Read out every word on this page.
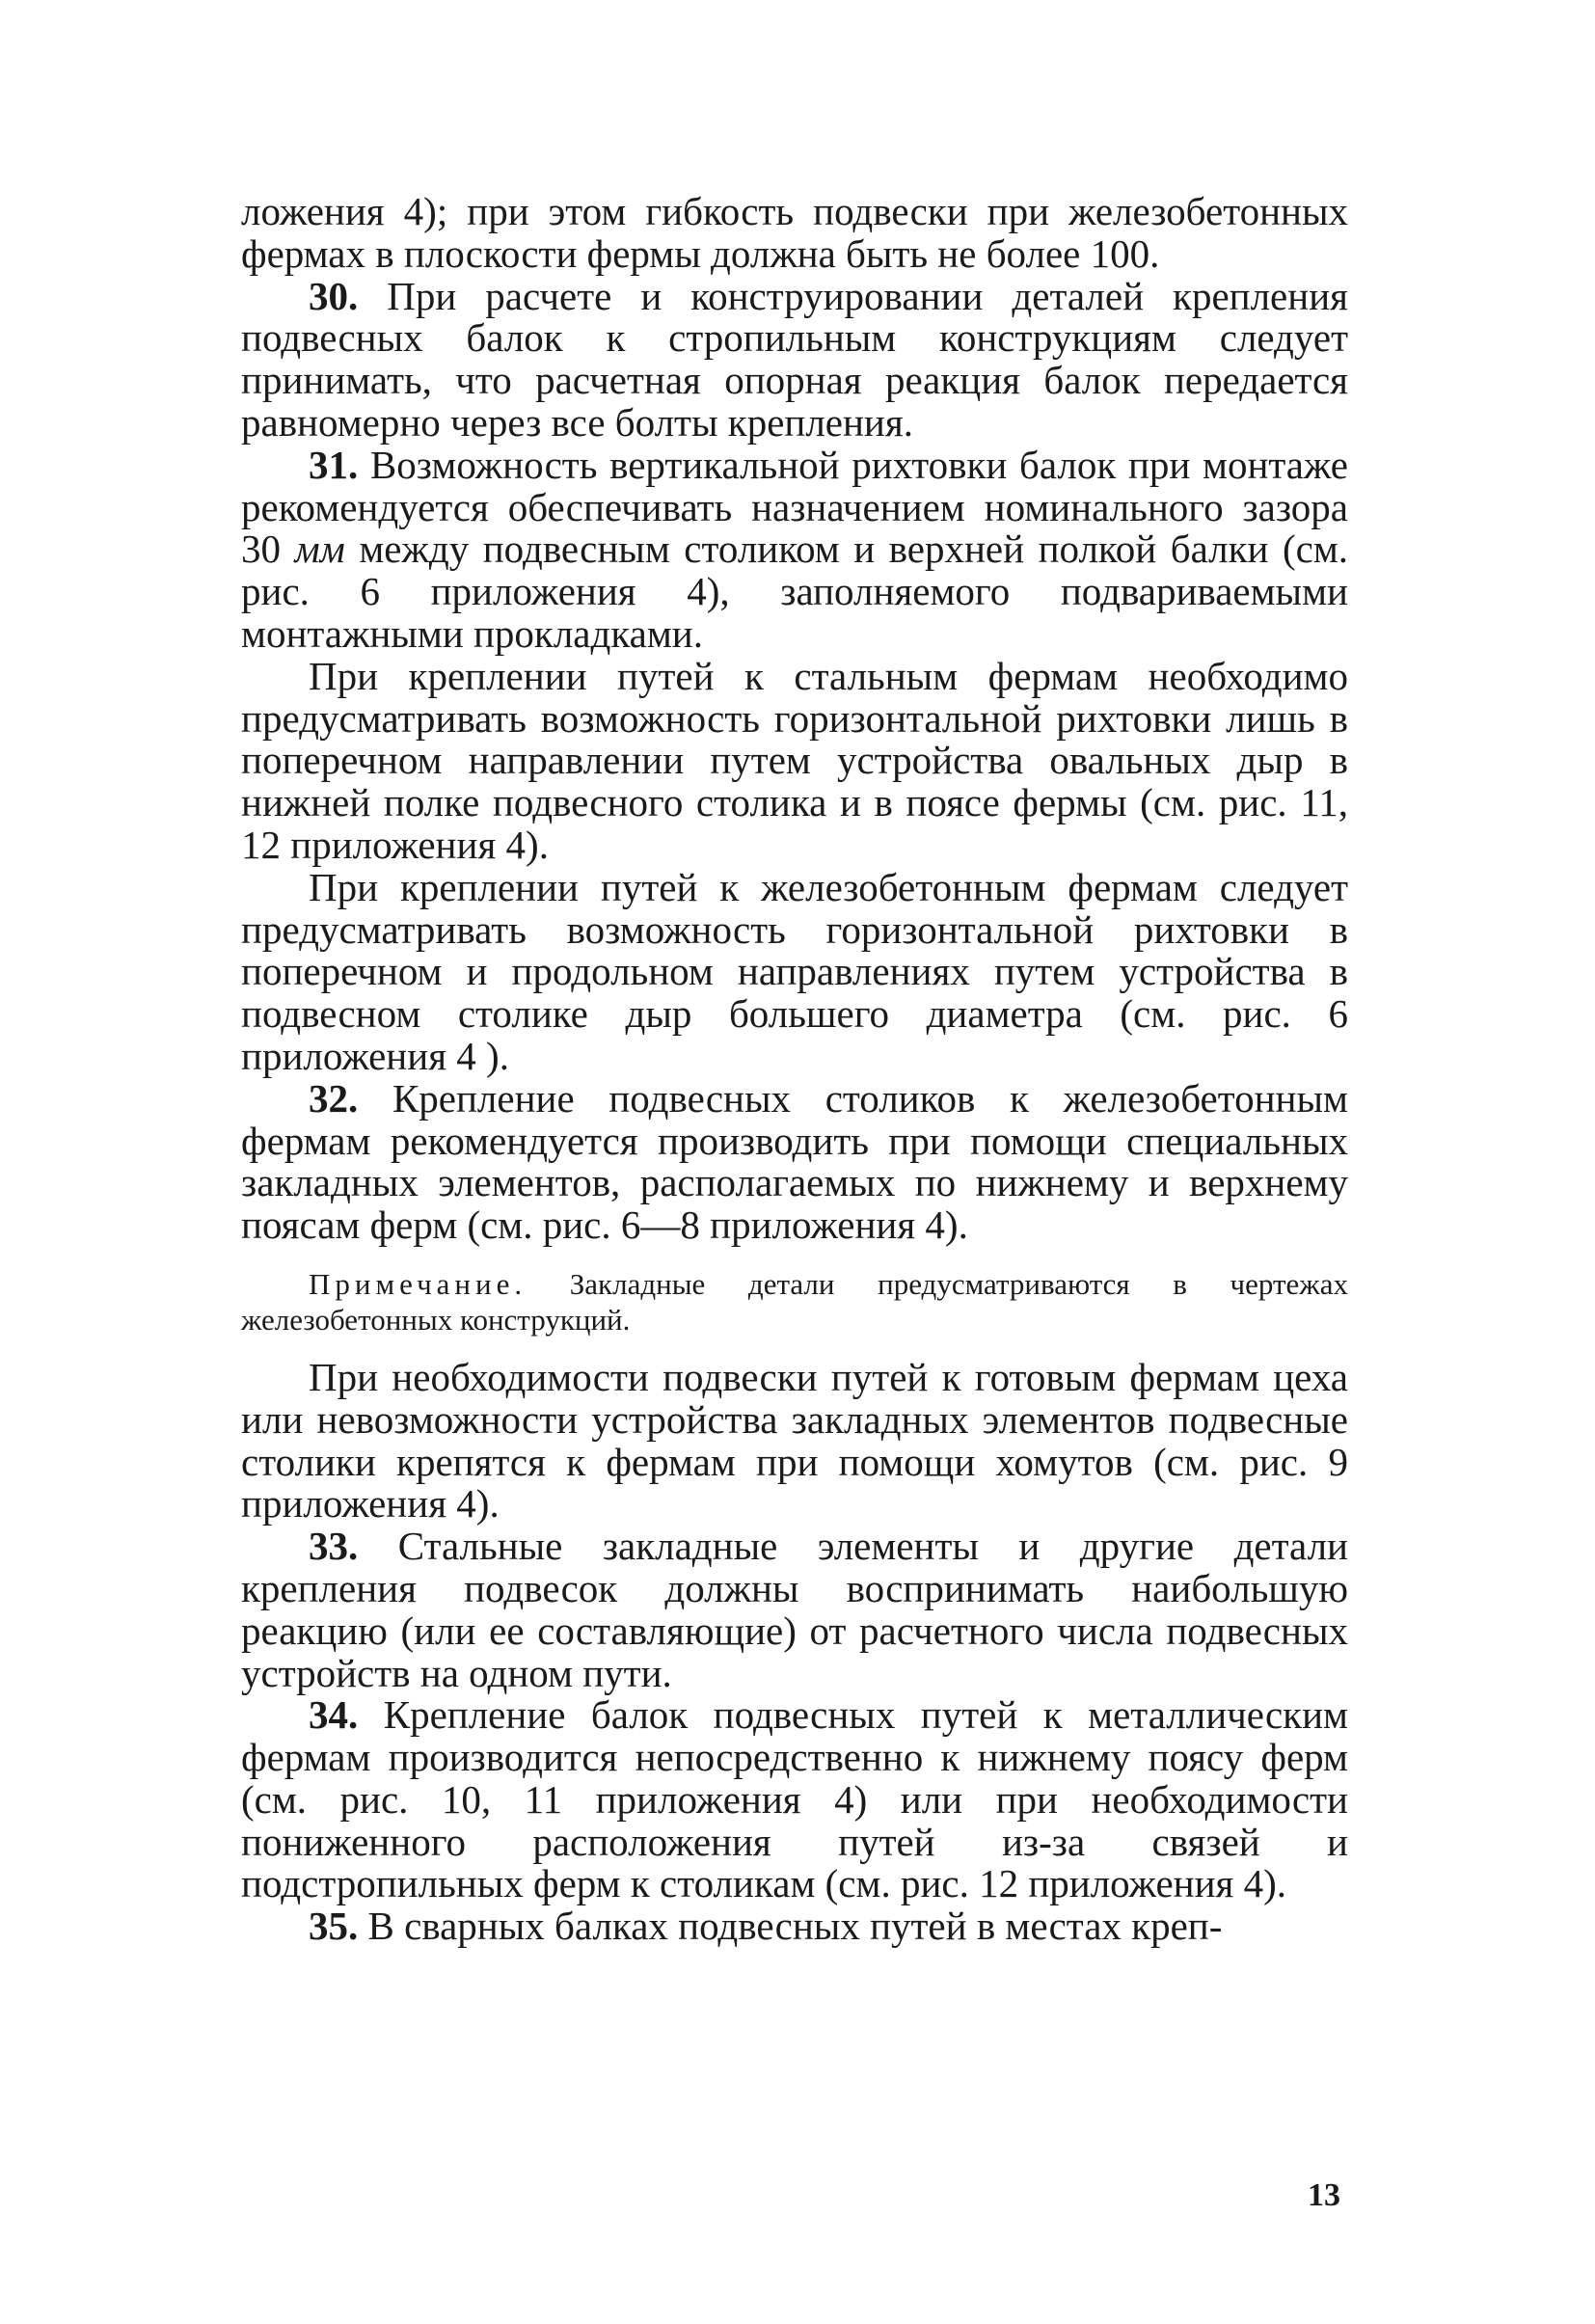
ложения 4); при этом гибкость подвески при железобетонных фермах в плоскости фермы должна быть не более 100.

30. При расчете и конструировании деталей крепления подвесных балок к стропильным конструкциям следует принимать, что расчетная опорная реакция балок передается равномерно через все болты крепления.

31. Возможность вертикальной рихтовки балок при монтаже рекомендуется обеспечивать назначением номинального зазора 30 мм между подвесным столиком и верхней полкой балки (см. рис. 6 приложения 4), заполняемого подвариваемыми монтажными прокладками.

При креплении путей к стальным фермам необходимо предусматривать возможность горизонтальной рихтовки лишь в поперечном направлении путем устройства овальных дыр в нижней полке подвесного столика и в поясе фермы (см. рис. 11, 12 приложения 4).

При креплении путей к железобетонным фермам следует предусматривать возможность горизонтальной рихтовки в поперечном и продольном направлениях путем устройства в подвесном столике дыр большего диаметра (см. рис. 6 приложения 4 ).

32. Крепление подвесных столиков к железобетонным фермам рекомендуется производить при помощи специальных закладных элементов, располагаемых по нижнему и верхнему поясам ферм (см. рис. 6—8 приложения 4).

Примечание. Закладные детали предусматриваются в чертежах железобетонных конструкций.

При необходимости подвески путей к готовым фермам цеха или невозможности устройства закладных элементов подвесные столики крепятся к фермам при помощи хомутов (см. рис. 9 приложения 4).

33. Стальные закладные элементы и другие детали крепления подвесок должны воспринимать наибольшую реакцию (или ее составляющие) от расчетного числа подвесных устройств на одном пути.

34. Крепление балок подвесных путей к металлическим фермам производится непосредственно к нижнему поясу ферм (см. рис. 10, 11 приложения 4) или при необходимости пониженного расположения путей из-за связей и подстропильных ферм к столикам (см. рис. 12 приложения 4).

35. В сварных балках подвесных путей в местах креп-

13
